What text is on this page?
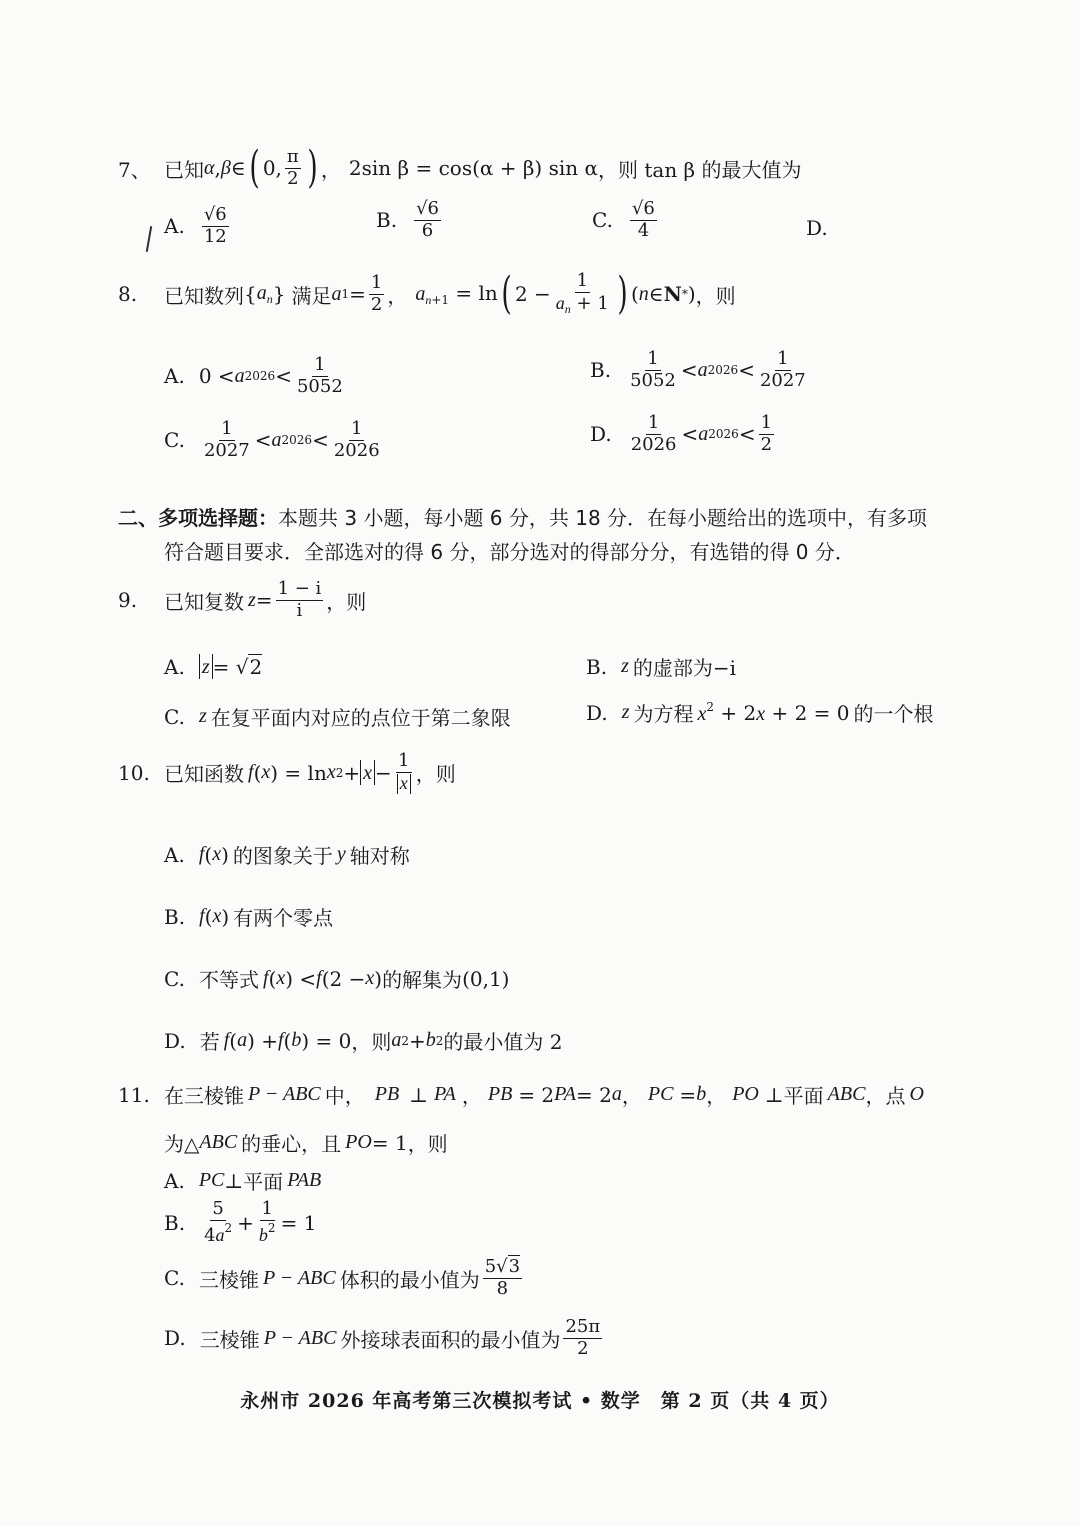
7、 已知 α , β ∈ ( 0, $\frac{\pi}{2}$ ) ， 2sin β = cos(α + β) sin α ，则 tan β 的最大值为
A. $\frac{√6}{12}$	B. $\frac{√6}{6}$	C. $\frac{√6}{4}$	D.
8.	已知数列 { $a_n$ } 满足 a $1 = \frac{1}{2}$ ， $a_{n+1} = \ln$ ( $2 - \frac{1}{a_n + 1}$ ) ( n ∈ N * ) ，则
A. 0 < a $2026 < \frac{1}{5052}$	B. $\frac{1}{5052} < a$ $2026 < \frac{1}{2027}$
C. $\frac{1}{2027} < a$ $2026 < \frac{1}{2026}$	D. $\frac{1}{2026} < a$ $2026 < \frac{1}{2}$
二、多项选择题：本题共 3 小题，每小题 6 分，共 18 分．在每小题给出的选项中，有多项
符合题目要求．全部选对的得 6 分，部分选对的得部分分，有选错的得 0 分．
9.	已知复数 $z = \frac{1 - i}{i}$ ，则
A. z = √ 2	B. z 的虚部为−i
C. z 在复平面内对应的点位于第二象限	D. z 为方程 $x^2 + 2x + 2 = 0$ 的一个根
10. 已知函数 f ( x ) = ln x $2 + x - \frac{1}{x}$ ，则
A. f ( x ) 的图象关于 y 轴对称
B. f ( x ) 有两个零点
C. 不等式 f ( x ) < f (2 − x ) 的解集为 (0,1)
D. 若 f ( a ) + f ( b ) = 0 ，则 a 2 + b 2 的最小值为 2
11. 在三棱锥 P − ABC 中， PB ⊥ PA ， PB = 2 PA = 2 a ， PC = b ， PO ⊥ 平面 ABC ，点 O
为△ ABC 的垂心，且 PO = 1 ，则
A. PC ⊥ 平面 PAB
B. $\frac{5}{4a^2} + \frac{1}{b^2} = 1$
C. 三棱锥 P − ABC 体积的最小值为 $\frac{5√3}{8}$
D. 三棱锥 P − ABC 外接球表面积的最小值为 $\frac{25\pi}{2}$
永州市 2026 年高考第三次模拟考试 • 数学　第 2 页（共 4 页）
